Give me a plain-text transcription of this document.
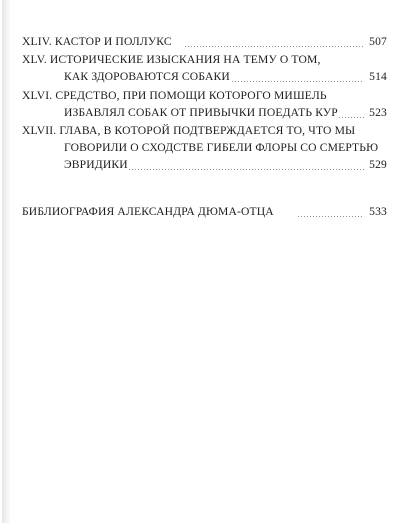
XLIV. КАСТОР И ПОЛЛУКС	507
XLV. ИСТОРИЧЕСКИЕ ИЗЫСКАНИЯ НА ТЕМУ О ТОМ,
КАК ЗДОРОВАЮТСЯ СОБАКИ	514
XLVI. СРЕДСТВО, ПРИ ПОМОЩИ КОТОРОГО МИШЕЛЬ
ИЗБАВЛЯЛ СОБАК ОТ ПРИВЫЧКИ ПОЕДАТЬ КУР	523
XLVII. ГЛАВА, В КОТОРОЙ ПОДТВЕРЖДАЕТСЯ ТО, ЧТО МЫ
ГОВОРИЛИ О СХОДСТВЕ ГИБЕЛИ ФЛОРЫ СО СМЕРТЬЮ
ЭВРИДИКИ	529
БИБЛИОГРАФИЯ АЛЕКСАНДРА ДЮМА-ОТЦА	533
